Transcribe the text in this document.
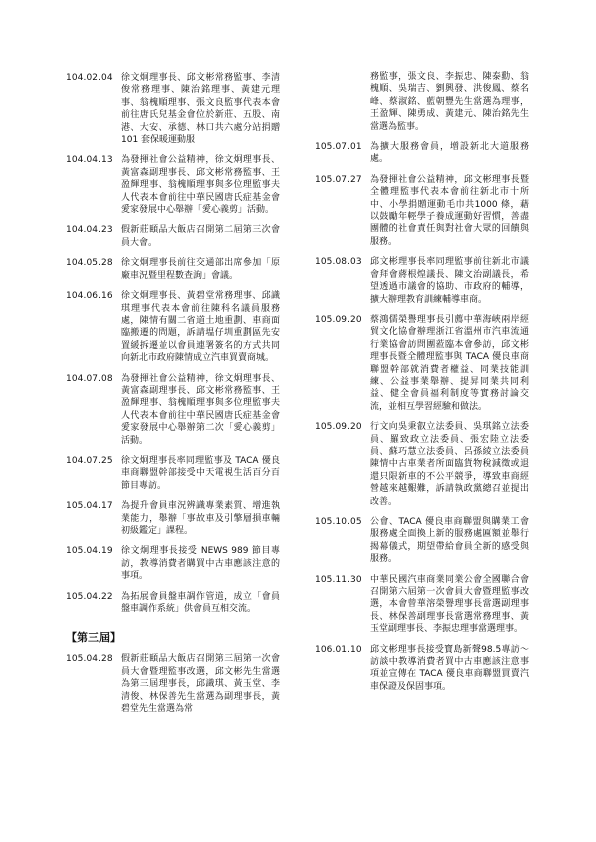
104.02.04 徐文炯理事長、邱文彬常務監事、李清俊常務理事、陳治銘理事、黃建元理事、翁槐順理事、張文良監事代表本會前往唐氏兒基金會位於新莊、五股、南港、大安、承德、林口共六處分站捐贈 101 套保暖運動服
104.04.13 為發揮社會公益精神，徐文炯理事長、黃富森副理事長、邱文彬常務監事、王盈輝理事、翁槐順理事與多位理監事夫人代表本會前往中華民國唐氏症基金會愛家發展中心舉辦「愛心義剪」活動。
104.04.23 假新莊頤品大飯店召開第二屆第三次會員大會。
104.05.28 徐文炯理事長前往交通部出席參加「原廠車況暨里程數查詢」會議。
104.06.16 徐文炯理事長、黃碧堂常務理事、邱識琪理事代表本會前往陳科名議員服務處，陳情有關二省道土地重劃、車商面臨搬遷的問題，訴請塭仔圳重劃區先安置緩拆遷並以會員連署簽名的方式共同向新北市政府陳情成立汽車買賣商城。
104.07.08 為發揮社會公益精神，徐文炯理事長、黃富森副理事長、邱文彬常務監事、王盈輝理事、翁槐順理事與多位理監事夫人代表本會前往中華民國唐氏症基金會愛家發展中心舉辦第二次「愛心義剪」活動。
104.07.25 徐文炯理事長率同理監事及 TACA 優良車商聯盟幹部接受中天電視生活百分百節目專訪。
105.04.17 為提升會員車況辨識專業素質、增進執業能力，舉辦「事故車及引擎層損車輛初級鑑定」課程。
105.04.19 徐文炯理事長接受 NEWS 989 節目專訪，教導消費者購買中古車應該注意的事項。
105.04.22 為拓展會員盤車調作管道，成立「會員盤車調作系統」供會員互相交流。
【第三屆】
105.04.28 假新莊頤品大飯店召開第三屆第一次會員大會暨理監事改選，邱文彬先生當選為第三屆理事長，邱識琪、黃玉堂、李清俊、林保善先生當選為副理事長，黃碧堂先生當選為常
務監事，張文良、李振忠、陳泰勳、翁槐順、吳瑞吉、劉興發、洪俊鳳、蔡名峰、蔡淑銘、藍朝豐先生當選為理事，王盈輝、陳勇成、黃建元、陳治銘先生當選為監事。
105.07.01 為擴大服務會員，增設新北大道服務處。
105.07.27 為發揮社會公益精神，邱文彬理事長暨全體理監事代表本會前往新北市十所中、小學捐贈運動毛巾共1000 條，藉以鼓勵年輕學子養成運動好習慣，善盡團體的社會責任與對社會大眾的回饋與服務。
105.08.03 邱文彬理事長率同理監事前往新北市議會拜會蔣根煌議長、陳文治副議長，希望透過市議會的協助、市政府的輔導，擴大辦理教育訓練輔導車商。
105.09.20 蔡鴻儒榮譽理事長引薦中華海峽兩岸經貿文化協會辦理浙江省溫州市汽車流通行業協會訪問團蒞臨本會參訪，邱文彬理事長暨全體理監事與 TACA 優良車商聯盟幹部就消費者權益、同業技能訓練、公益事業舉辦、提昇同業共同利益、健全會員福利制度等實務討論交流，並相互學習經驗和做法。
105.09.20 行文向吳秉叡立法委員、吳琪銘立法委員、羅致政立法委員、張宏陸立法委員、蘇巧慧立法委員、呂孫綾立法委員陳情中古車業者所面臨貨物稅減徵或退還只限新車的不公平競爭，導致車商經營越來越艱難，訴請執政黨總召並提出改善。
105.10.05 公會、TACA 優良車商聯盟與購業工會服務處全面換上新的服務處匾額並舉行揭幕儀式，期望帶給會員全新的感受與服務。
105.11.30 中華民國汽車商業同業公會全國聯合會召開第六屆第一次會員大會暨理監事改選，本會曾華溶榮譽理事長當選副理事長、林保善副理事長當選常務理事、黃玉堂副理事長、李振忠理事當選理事。
106.01.10 邱文彬理事長接受寶島新聲98.5專訪～訪談中教導消費者買中古車應該注意事項並宣傳在 TACA 優良車商聯盟買賣汽車保證及保固事項。
